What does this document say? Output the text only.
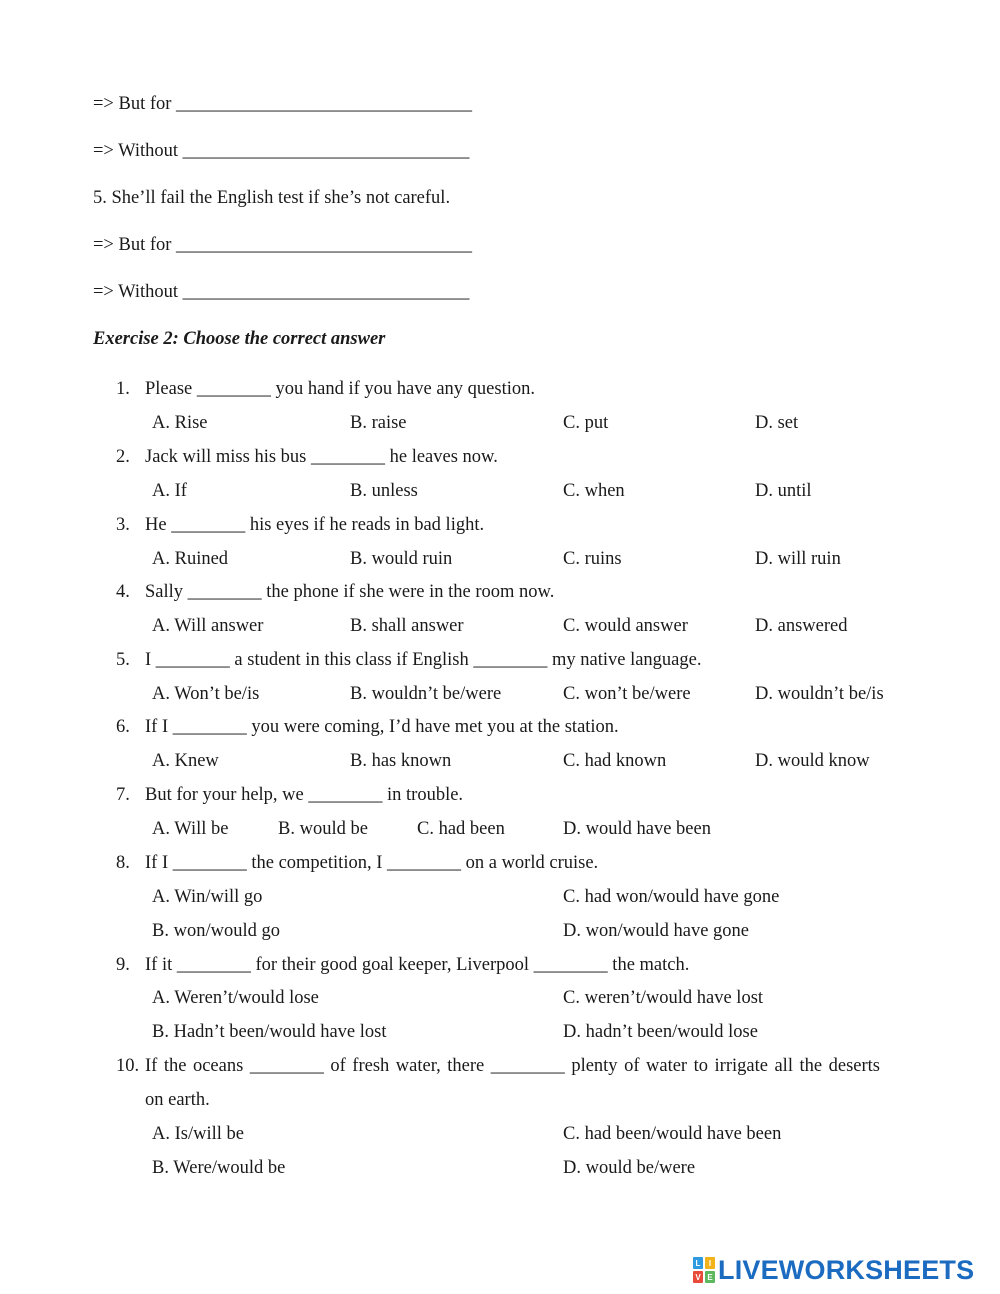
=> But for ________________________________
=> Without _______________________________
5. She’ll fail the English test if she’s not careful.
=> But for ________________________________
=> Without _______________________________
Exercise 2: Choose the correct answer
1. Please ________ you hand if you have any question.
A. Rise	B. raise	C. put	D. set
2. Jack will miss his bus ________ he leaves now.
A. If	B. unless	C. when	D. until
3. He ________ his eyes if he reads in bad light.
A. Ruined	B. would ruin	C. ruins	D. will ruin
4. Sally ________ the phone if she were in the room now.
A. Will answer	B. shall answer	C. would answer	D. answered
5. I ________ a student in this class if English ________ my native language.
A. Won’t be/is	B. wouldn’t be/were	C. won’t be/were	D. wouldn’t be/is
6. If I ________ you were coming, I’d have met you at the station.
A. Knew	B. has known	C. had known	D. would know
7. But for your help, we ________ in trouble.
A. Will be	B. would be	C. had been	D. would have been
8. If I ________ the competition, I ________ on a world cruise.
A. Win/will go	C. had won/would have gone
B. won/would go	D. won/would have gone
9. If it ________ for their good goal keeper, Liverpool ________ the match.
A. Weren’t/would lose	C. weren’t/would have lost
B. Hadn’t been/would have lost	D. hadn’t been/would lose
10. If the oceans ________ of fresh water, there ________ plenty of water to irrigate all the deserts
on earth.
A. Is/will be	C. had been/would have been
B. Were/would be	D. would be/were
L	I
V E LIVEWORKSHEETS
